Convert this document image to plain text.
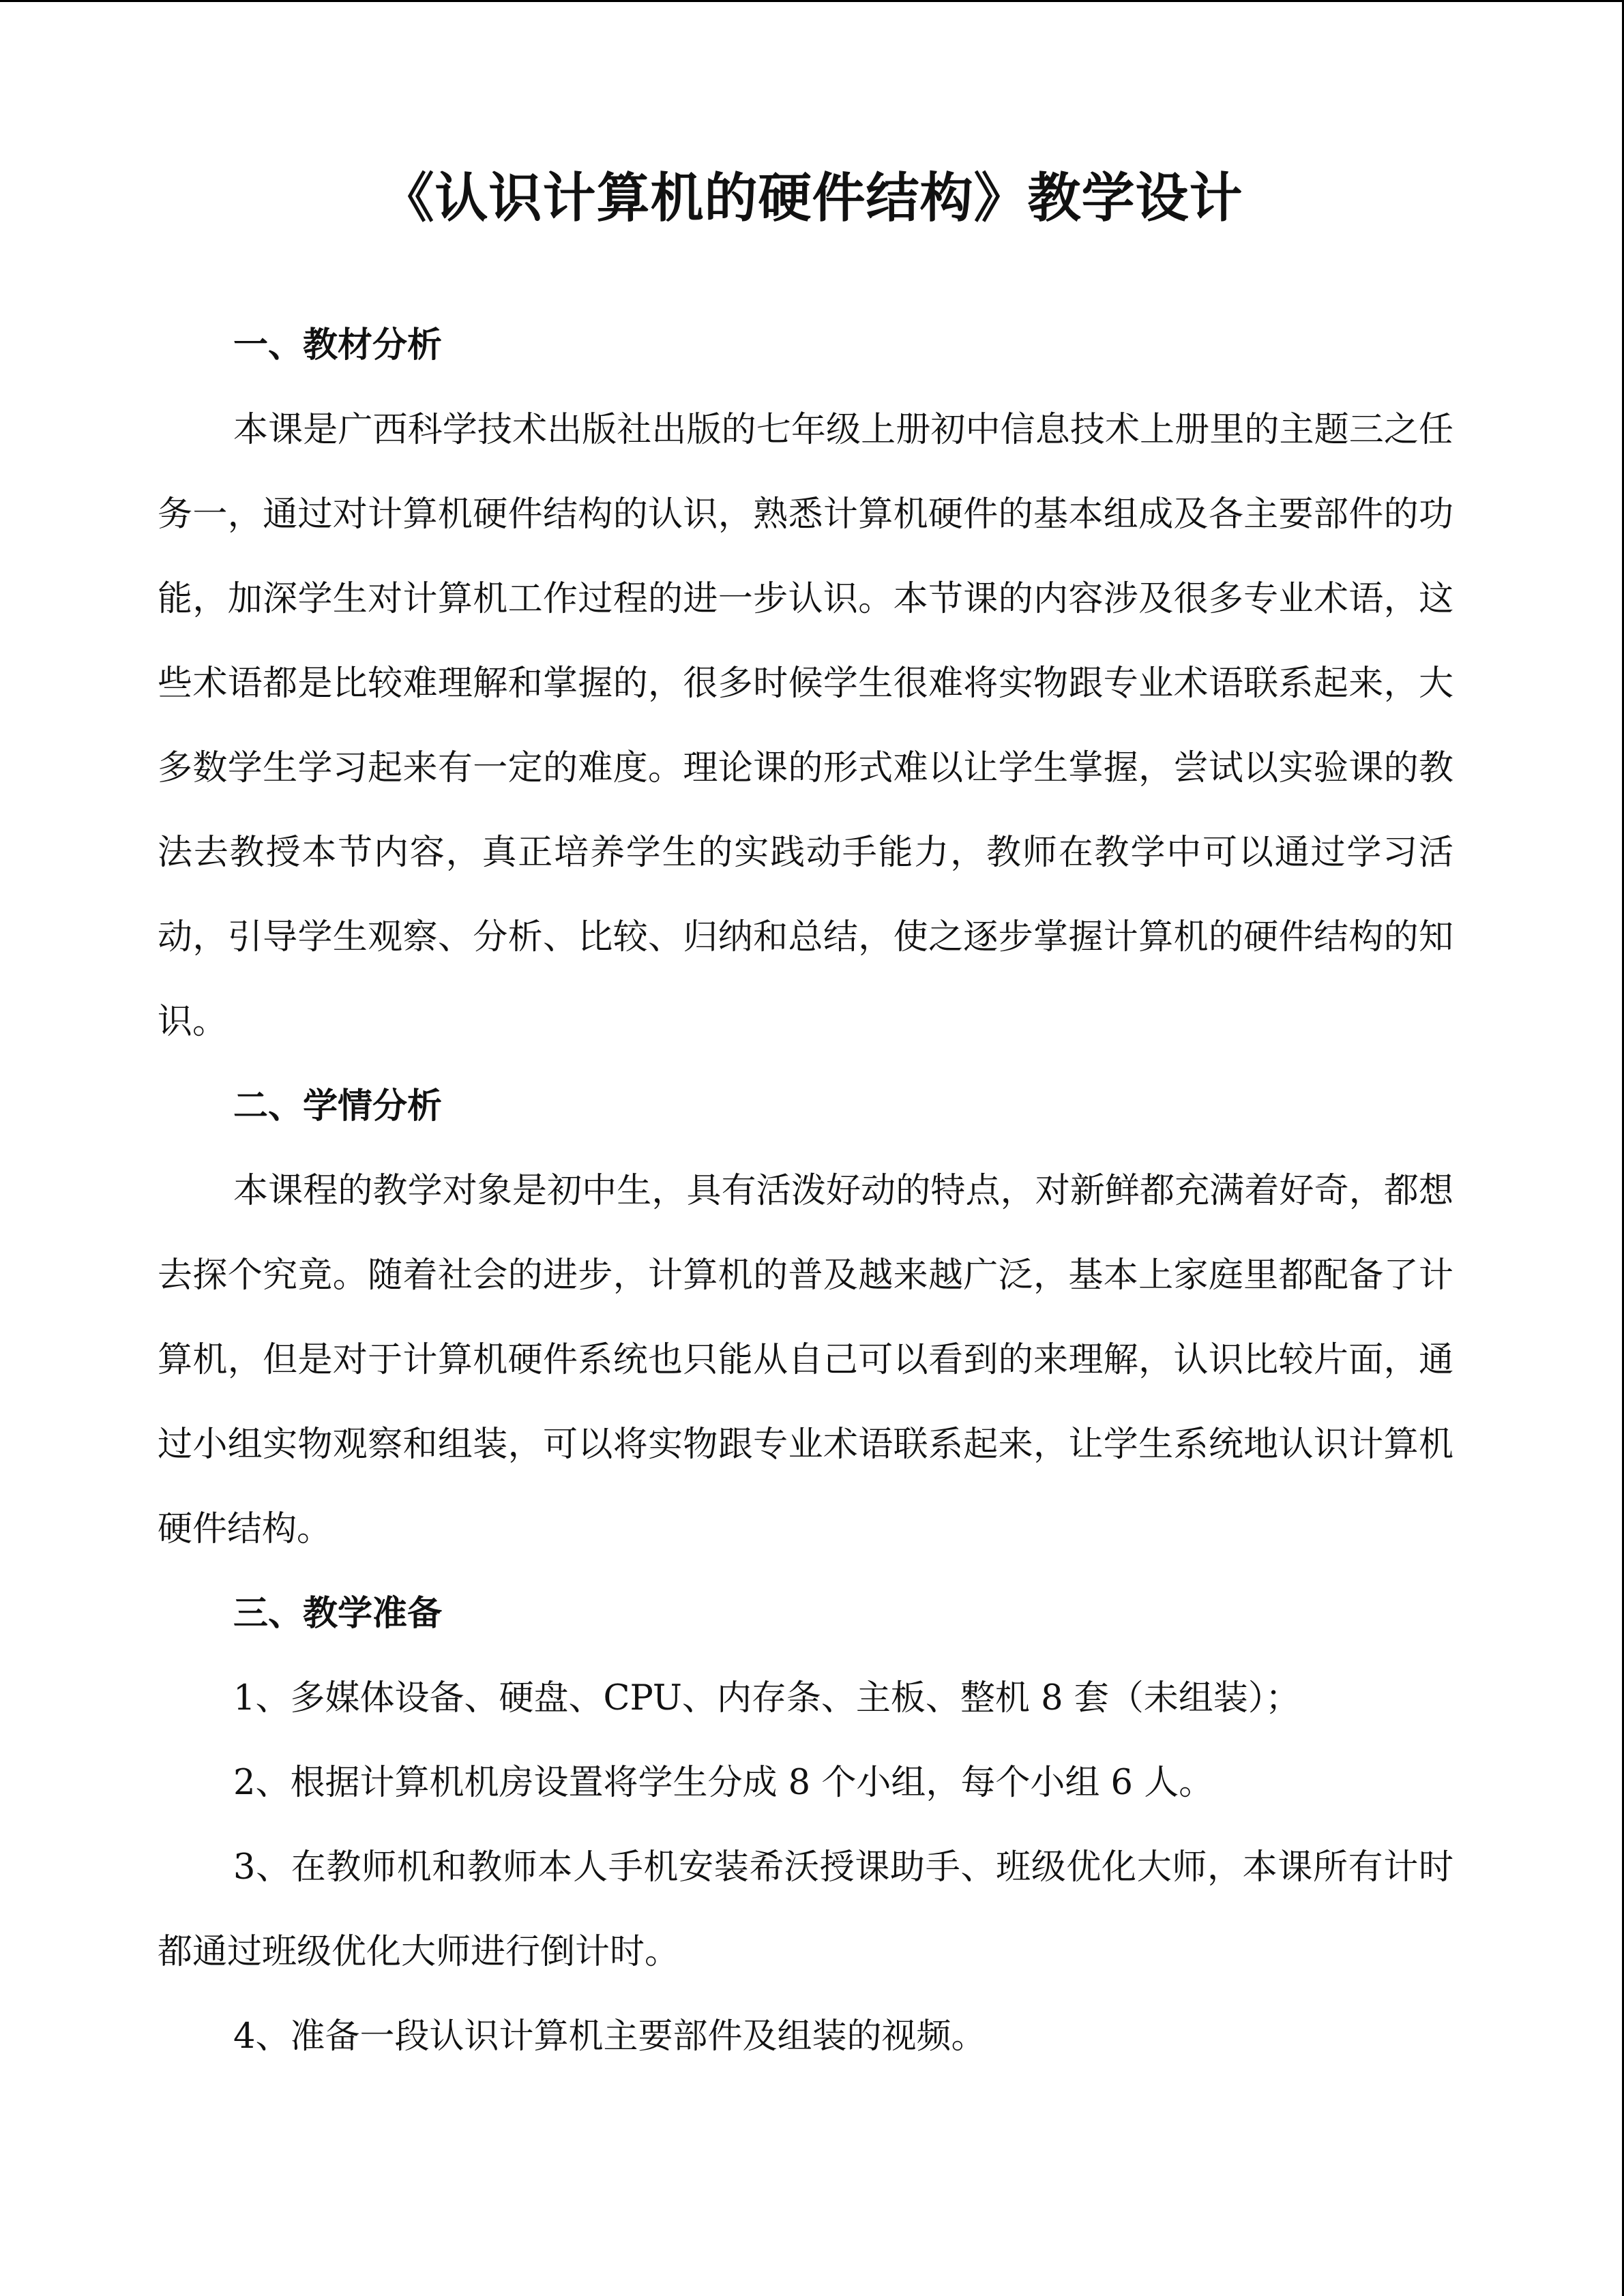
《认识计算机的硬件结构》教学设计
一、教材分析

本课是广西科学技术出版社出版的七年级上册初中信息技术上册里的主题三之任务一，通过对计算机硬件结构的认识，熟悉计算机硬件的基本组成及各主要部件的功能，加深学生对计算机工作过程的进一步认识。本节课的内容涉及很多专业术语，这些术语都是比较难理解和掌握的，很多时候学生很难将实物跟专业术语联系起来，大多数学生学习起来有一定的难度。理论课的形式难以让学生掌握，尝试以实验课的教法去教授本节内容，真正培养学生的实践动手能力，教师在教学中可以通过学习活动，引导学生观察、分析、比较、归纳和总结，使之逐步掌握计算机的硬件结构的知识。

二、学情分析

本课程的教学对象是初中生，具有活泼好动的特点，对新鲜都充满着好奇，都想去探个究竟。随着社会的进步，计算机的普及越来越广泛，基本上家庭里都配备了计算机，但是对于计算机硬件系统也只能从自己可以看到的来理解，认识比较片面，通过小组实物观察和组装，可以将实物跟专业术语联系起来，让学生系统地认识计算机硬件结构。

三、教学准备

1、多媒体设备、硬盘、CPU、内存条、主板、整机 8 套（未组装）；

2、根据计算机机房设置将学生分成 8 个小组，每个小组 6 人。

3、在教师机和教师本人手机安装希沃授课助手、班级优化大师，本课所有计时都通过班级优化大师进行倒计时。

4、准备一段认识计算机主要部件及组装的视频。
